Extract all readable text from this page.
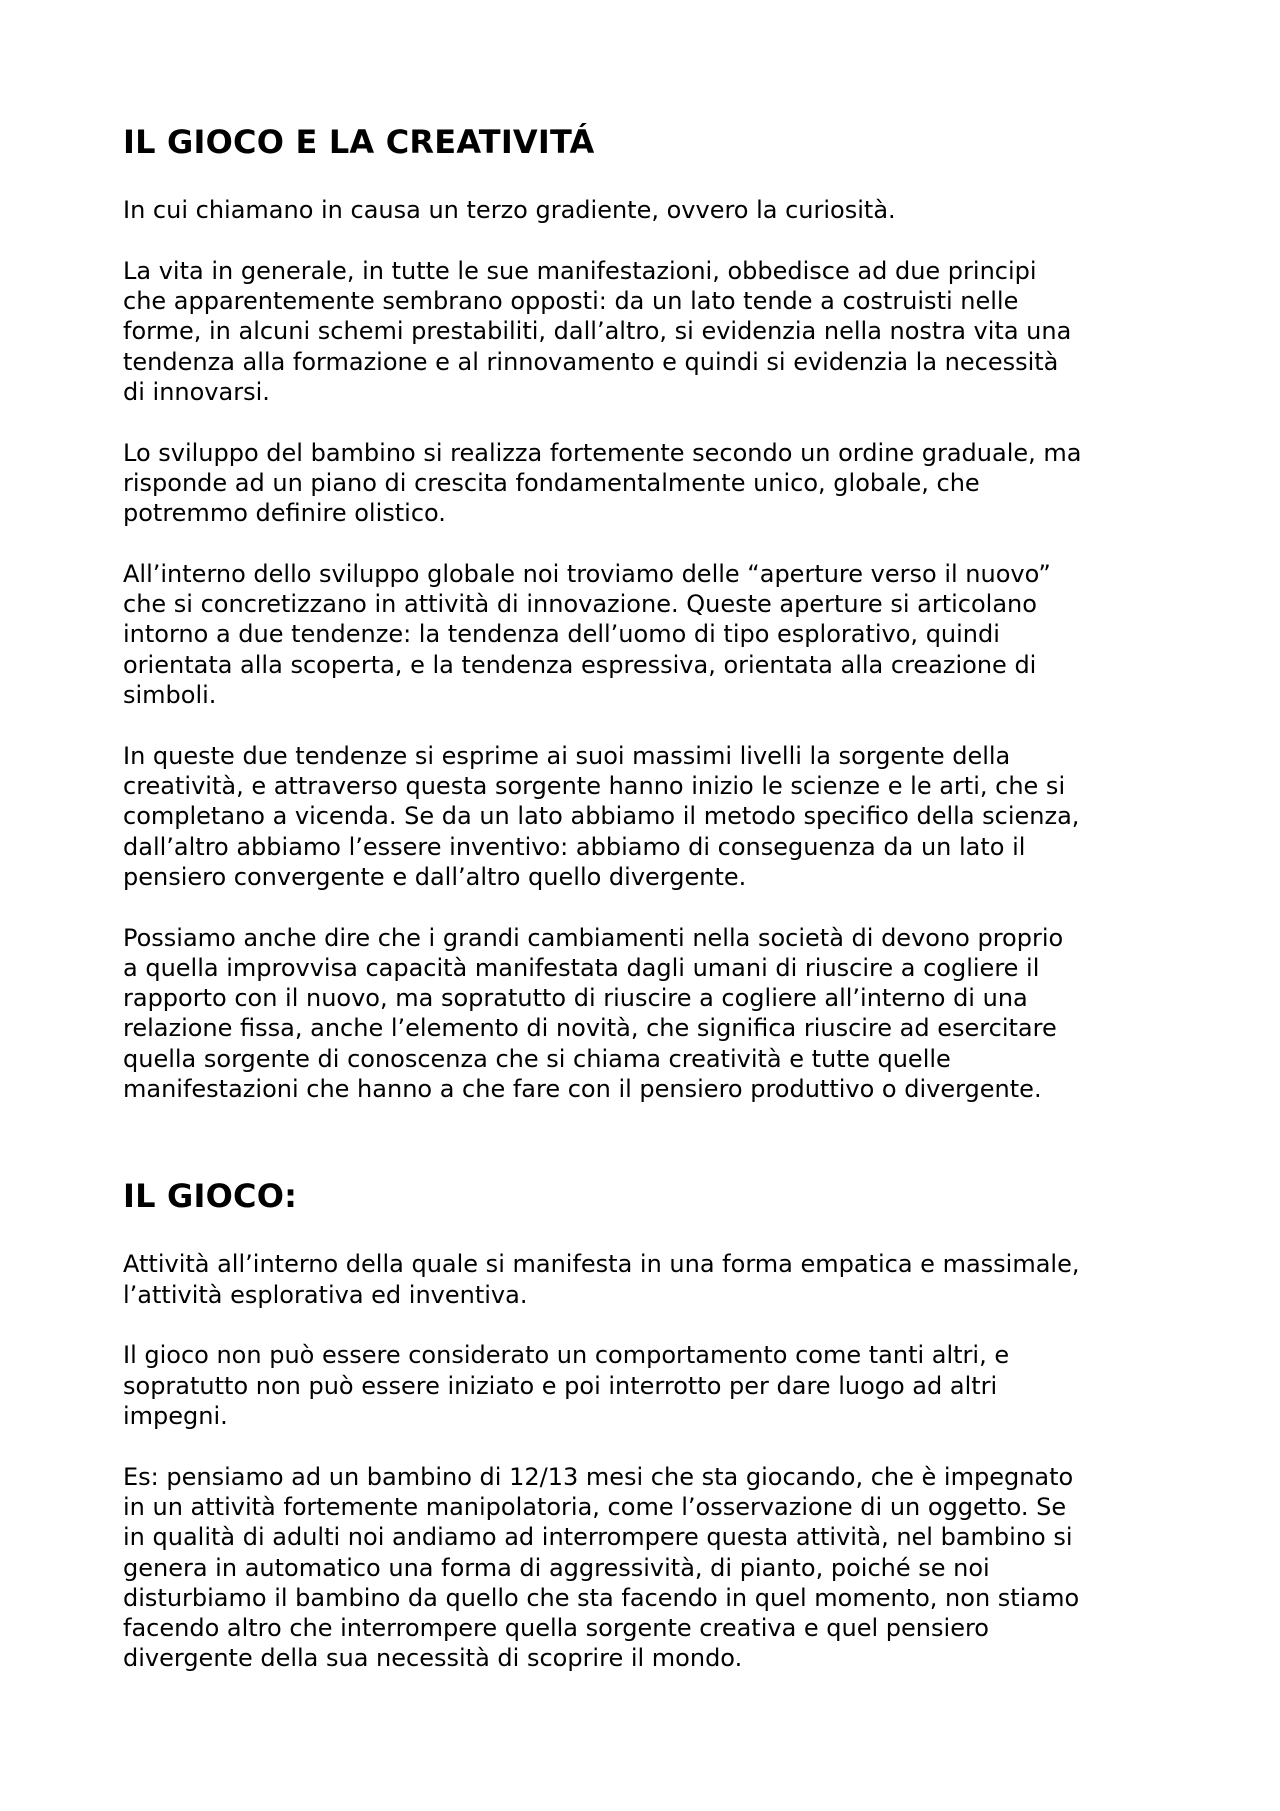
IL GIOCO E LA CREATIVITÁ

In cui chiamano in causa un terzo gradiente, ovvero la curiosità.

La vita in generale, in tutte le sue manifestazioni, obbedisce ad due principi
che apparentemente sembrano opposti: da un lato tende a costruisti nelle
forme, in alcuni schemi prestabiliti, dall’altro, si evidenzia nella nostra vita una
tendenza alla formazione e al rinnovamento e quindi si evidenzia la necessità
di innovarsi.

Lo sviluppo del bambino si realizza fortemente secondo un ordine graduale, ma
risponde ad un piano di crescita fondamentalmente unico, globale, che
potremmo definire olistico.

All’interno dello sviluppo globale noi troviamo delle “aperture verso il nuovo”
che si concretizzano in attività di innovazione. Queste aperture si articolano
intorno a due tendenze: la tendenza dell’uomo di tipo esplorativo, quindi
orientata alla scoperta, e la tendenza espressiva, orientata alla creazione di
simboli.

In queste due tendenze si esprime ai suoi massimi livelli la sorgente della
creatività, e attraverso questa sorgente hanno inizio le scienze e le arti, che si
completano a vicenda. Se da un lato abbiamo il metodo specifico della scienza,
dall’altro abbiamo l’essere inventivo: abbiamo di conseguenza da un lato il
pensiero convergente e dall’altro quello divergente.

Possiamo anche dire che i grandi cambiamenti nella società di devono proprio
a quella improvvisa capacità manifestata dagli umani di riuscire a cogliere il
rapporto con il nuovo, ma sopratutto di riuscire a cogliere all’interno di una
relazione fissa, anche l’elemento di novità, che significa riuscire ad esercitare
quella sorgente di conoscenza che si chiama creatività e tutte quelle
manifestazioni che hanno a che fare con il pensiero produttivo o divergente.

IL GIOCO:

Attività all’interno della quale si manifesta in una forma empatica e massimale,
l’attività esplorativa ed inventiva.

Il gioco non può essere considerato un comportamento come tanti altri, e
sopratutto non può essere iniziato e poi interrotto per dare luogo ad altri
impegni.

Es: pensiamo ad un bambino di 12/13 mesi che sta giocando, che è impegnato
in un attività fortemente manipolatoria, come l’osservazione di un oggetto. Se
in qualità di adulti noi andiamo ad interrompere questa attività, nel bambino si
genera in automatico una forma di aggressività, di pianto, poiché se noi
disturbiamo il bambino da quello che sta facendo in quel momento, non stiamo
facendo altro che interrompere quella sorgente creativa e quel pensiero
divergente della sua necessità di scoprire il mondo.
